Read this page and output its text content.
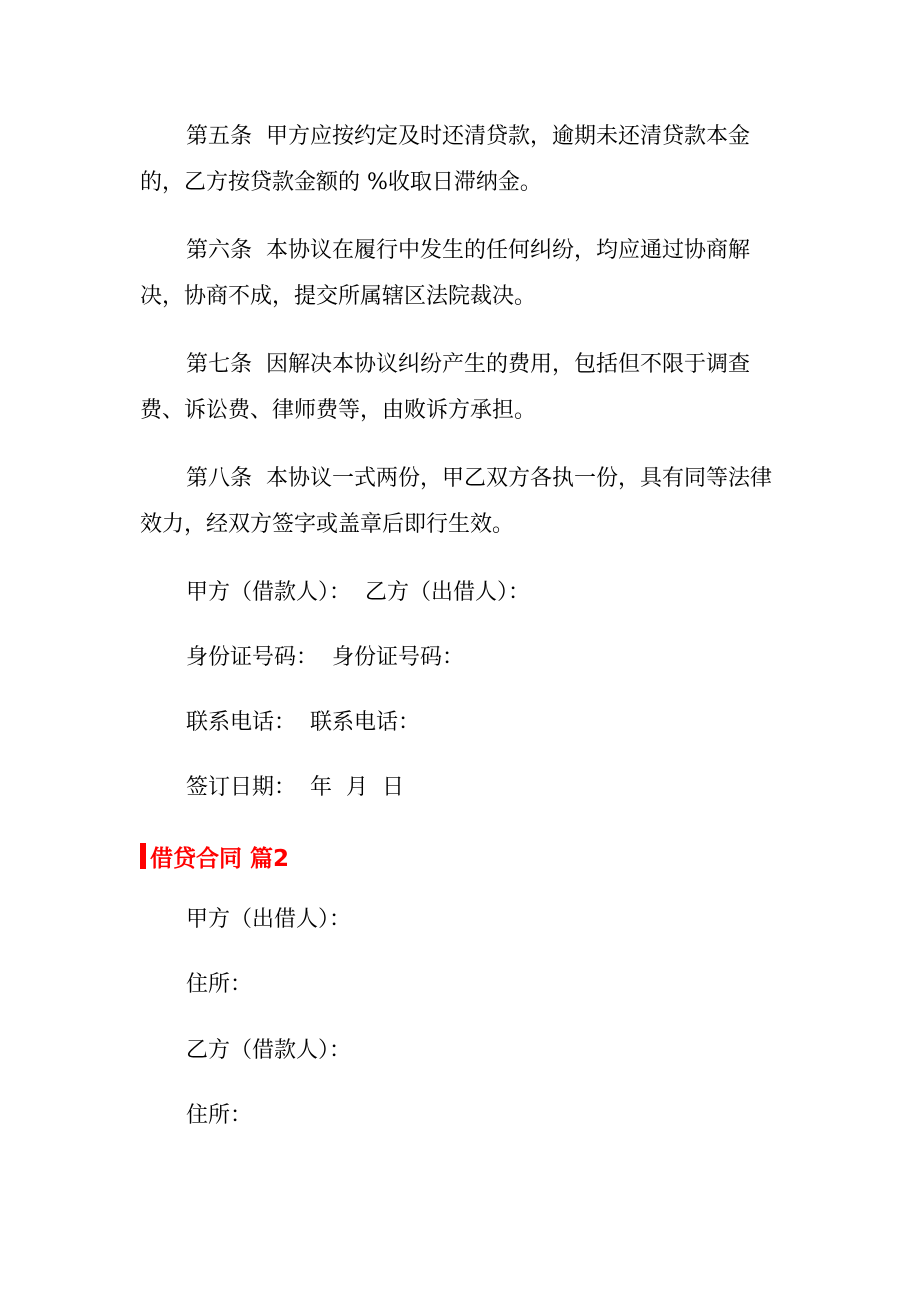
第五条 甲方应按约定及时还清贷款，逾期未还清贷款本金的，乙方按贷款金额的 %收取日滞纳金。

第六条 本协议在履行中发生的任何纠纷，均应通过协商解决，协商不成，提交所属辖区法院裁决。

第七条 因解决本协议纠纷产生的费用，包括但不限于调查费、诉讼费、律师费等，由败诉方承担。

第八条 本协议一式两份，甲乙双方各执一份，具有同等法律效力，经双方签字或盖章后即行生效。

甲方（借款人）： 乙方（出借人）：

身份证号码： 身份证号码：

联系电话： 联系电话：

签订日期： 年 月 日

借贷合同 篇2

甲方（出借人）：

住所：

乙方（借款人）：

住所：
